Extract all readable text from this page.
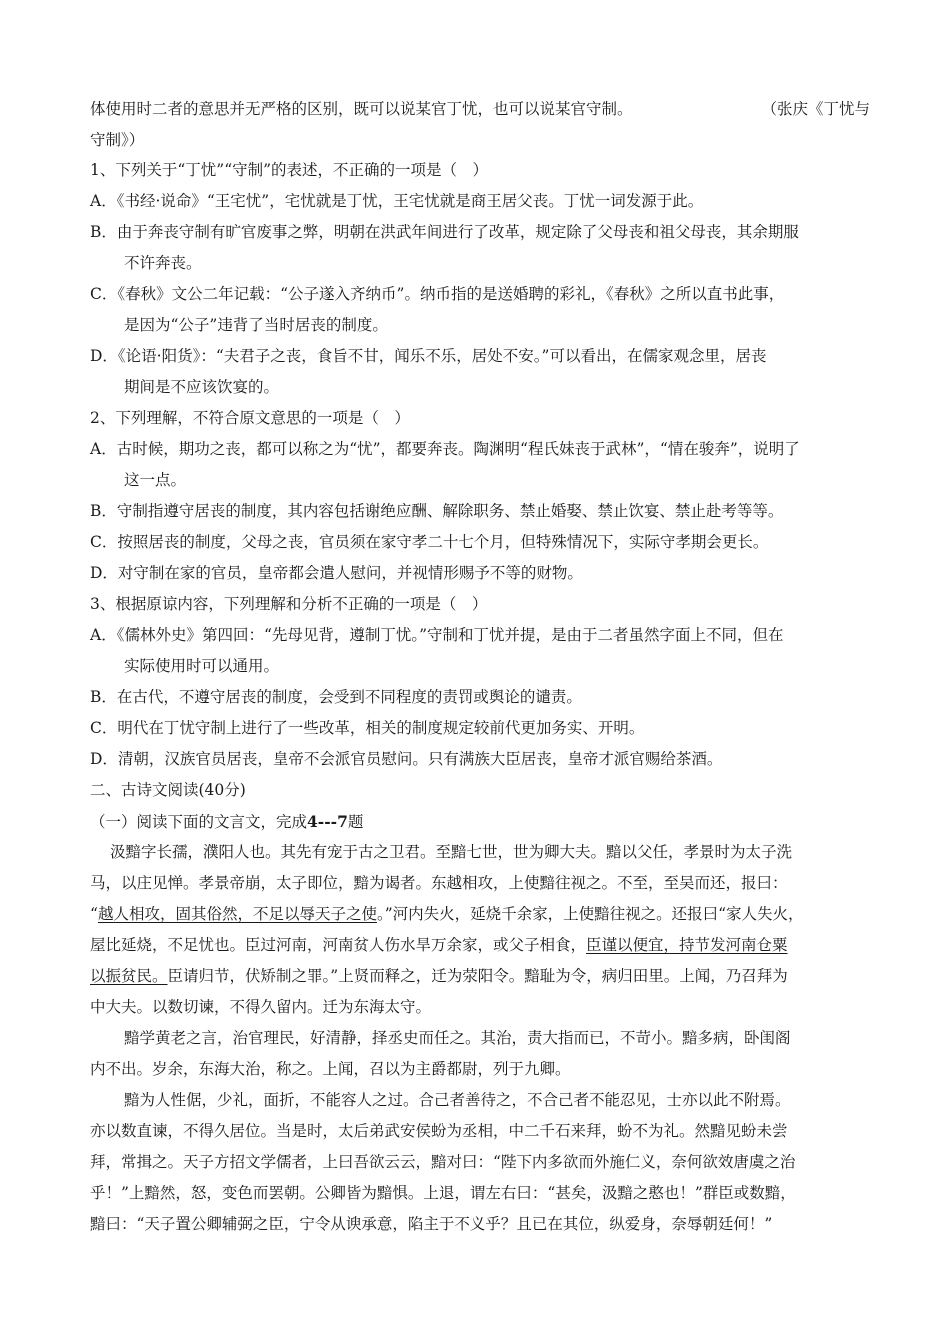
体使用时二者的意思并无严格的区别，既可以说某官丁忧，也可以说某官守制。	（张庆《丁忧与
守制》）
1、下列关于“丁忧”“守制”的表述，不正确的一项是（　）
A．《书经·说命》“王宅忧”，宅忧就是丁忧，王宅忧就是商王居父丧。丁忧一词发源于此。
B．由于奔丧守制有旷官废事之弊，明朝在洪武年间进行了改革，规定除了父母丧和祖父母丧，其余期服
不许奔丧。
C．《春秋》文公二年记载：“公子遂入齐纳币”。纳币指的是送婚聘的彩礼，《春秋》之所以直书此事，
是因为“公子”违背了当时居丧的制度。
D．《论语·阳货》：“夫君子之丧，食旨不甘，闻乐不乐，居处不安。”可以看出，在儒家观念里，居丧
期间是不应该饮宴的。
2、下列理解，不符合原文意思的一项是（　）
A．古时候，期功之丧，都可以称之为“忧”，都要奔丧。陶渊明“程氏妹丧于武林”，“情在骏奔”，说明了
这一点。
B．守制指遵守居丧的制度，其内容包括谢绝应酬、解除职务、禁止婚娶、禁止饮宴、禁止赴考等等。
C．按照居丧的制度，父母之丧，官员须在家守孝二十七个月，但特殊情况下，实际守孝期会更长。
D．对守制在家的官员，皇帝都会遣人慰问，并视情形赐予不等的财物。
3、根据原谅内容，下列理解和分析不正确的一项是（　）
A．《儒林外史》第四回：“先母见背，遵制丁忧。”守制和丁忧并提，是由于二者虽然字面上不同，但在
实际使用时可以通用。
B．在古代，不遵守居丧的制度，会受到不同程度的责罚或舆论的谴责。
C．明代在丁忧守制上进行了一些改革，相关的制度规定较前代更加务实、开明。
D．清朝，汉族官员居丧，皇帝不会派官员慰问。只有满族大臣居丧，皇帝才派官赐给茶酒。
二、古诗文阅读(40分)
（一）阅读下面的文言文，完成4---7题
汲黯字长孺，濮阳人也。其先有宠于古之卫君。至黯七世，世为卿大夫。黯以父任，孝景时为太子洗
马，以庄见惮。孝景帝崩，太子即位，黯为谒者。东越相攻，上使黯往视之。不至，至吴而还，报曰：
“越人相攻，固其俗然，不足以辱天子之使。”河内失火，延烧千余家，上使黯往视之。还报曰“家人失火，
屋比延烧，不足忧也。臣过河南，河南贫人伤水旱万余家，或父子相食，臣谨以便宜，持节发河南仓粟
以振贫民。臣请归节，伏矫制之罪。”上贤而释之，迁为荥阳令。黯耻为令，病归田里。上闻，乃召拜为
中大夫。以数切谏，不得久留内。迁为东海太守。
黯学黄老之言，治官理民，好清静，择丞史而任之。其治，责大指而已，不苛小。黯多病，卧闺阁
内不出。岁余，东海大治，称之。上闻，召以为主爵都尉，列于九卿。
黯为人性倨，少礼，面折，不能容人之过。合己者善待之，不合己者不能忍见，士亦以此不附焉。
亦以数直谏，不得久居位。当是时，太后弟武安侯蚡为丞相，中二千石来拜，蚡不为礼。然黯见蚡未尝
拜，常揖之。天子方招文学儒者，上曰吾欲云云，黯对曰：“陛下内多欲而外施仁义，奈何欲效唐虞之治
乎！”上黯然，怒，变色而罢朝。公卿皆为黯惧。上退，谓左右曰：“甚矣，汲黯之憨也！”群臣或数黯，
黯曰：“天子置公卿辅弼之臣，宁令从谀承意，陷主于不义乎？且已在其位，纵爱身，奈辱朝廷何！”
